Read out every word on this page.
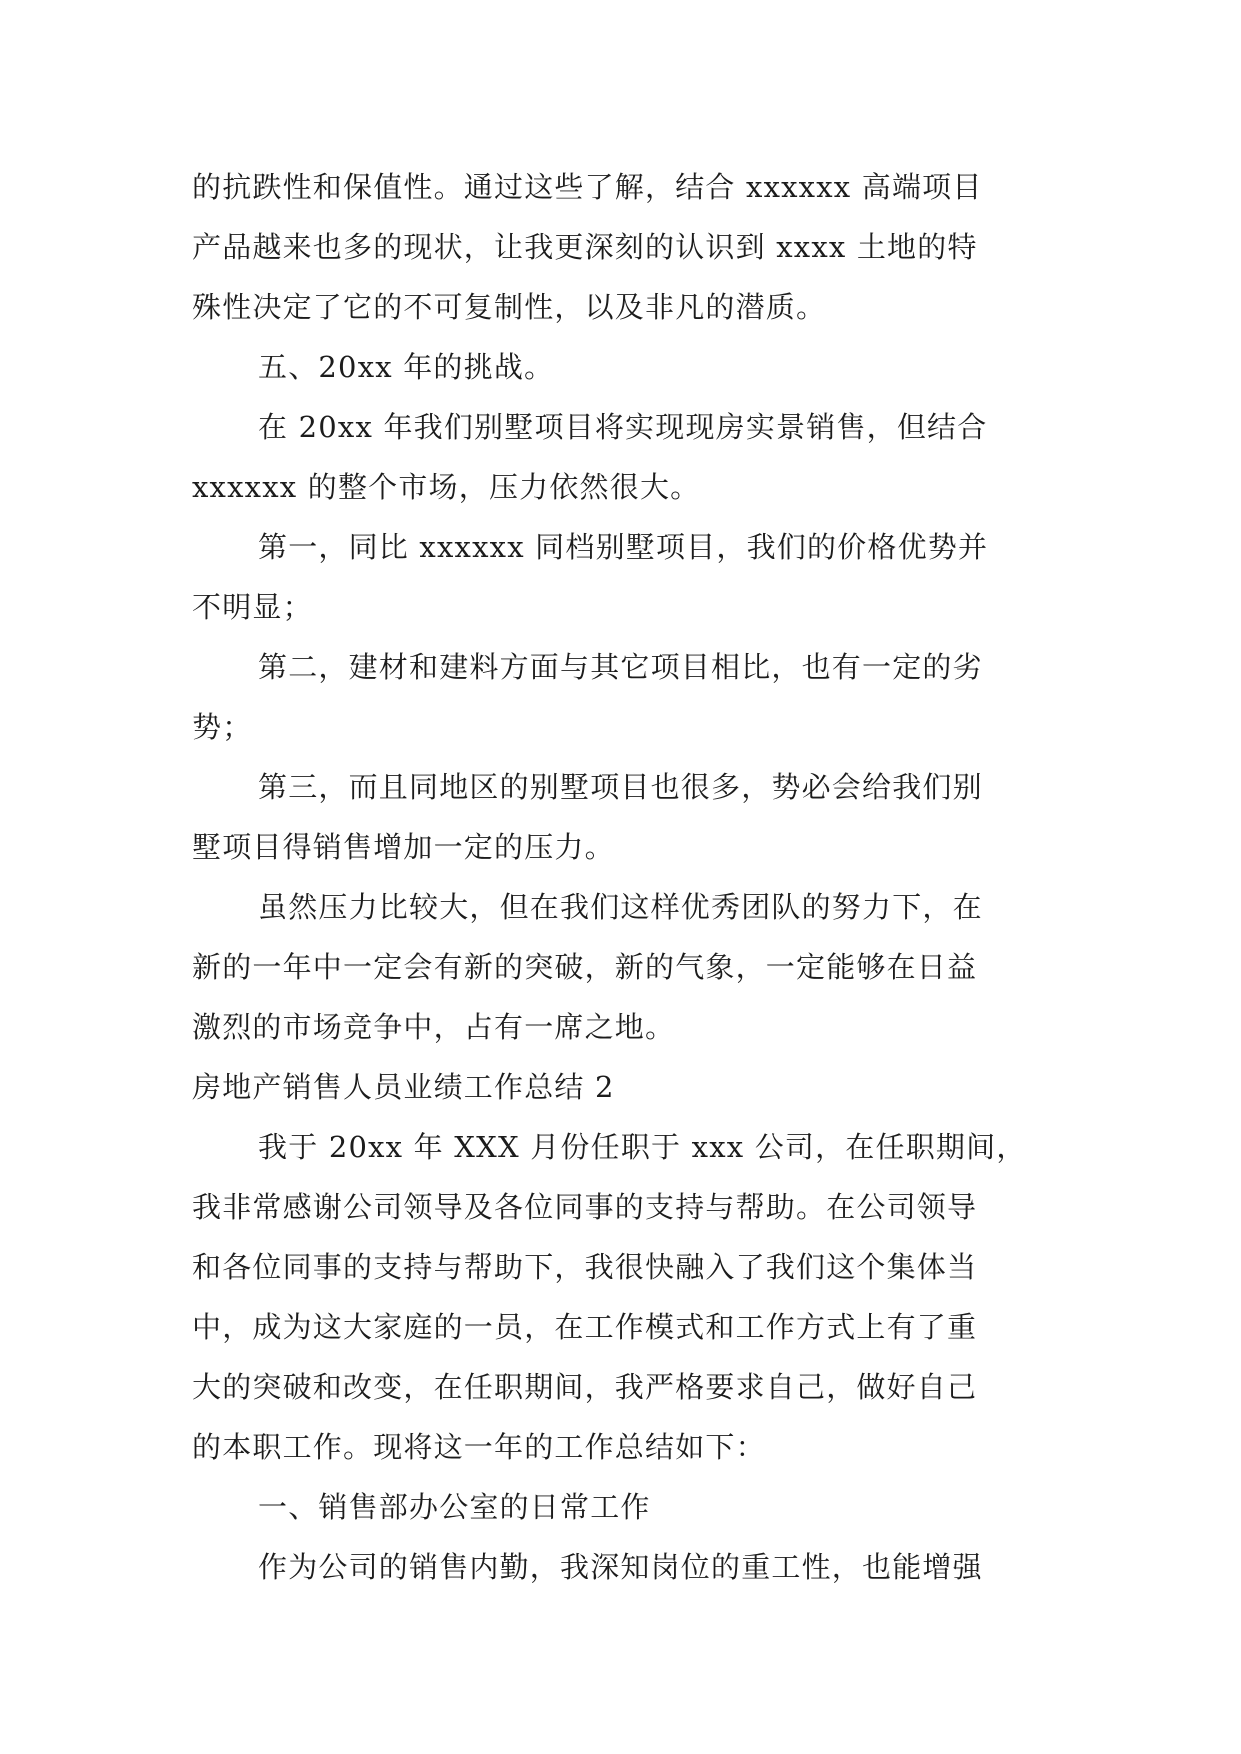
的抗跌性和保值性。通过这些了解，结合 xxxxxx 高端项目
产品越来也多的现状，让我更深刻的认识到 xxxx 土地的特
殊性决定了它的不可复制性，以及非凡的潜质。
五、20xx 年的挑战。
在 20xx 年我们别墅项目将实现现房实景销售，但结合
xxxxxx 的整个市场，压力依然很大。
第一，同比 xxxxxx 同档别墅项目，我们的价格优势并
不明显；
第二，建材和建料方面与其它项目相比，也有一定的劣
势；
第三，而且同地区的别墅项目也很多，势必会给我们别
墅项目得销售增加一定的压力。
虽然压力比较大，但在我们这样优秀团队的努力下，在
新的一年中一定会有新的突破，新的气象，一定能够在日益
激烈的市场竞争中，占有一席之地。
房地产销售人员业绩工作总结 2
我于 20xx 年 XXX 月份任职于 xxx 公司，在任职期间，
我非常感谢公司领导及各位同事的支持与帮助。在公司领导
和各位同事的支持与帮助下，我很快融入了我们这个集体当
中，成为这大家庭的一员，在工作模式和工作方式上有了重
大的突破和改变，在任职期间，我严格要求自己，做好自己
的本职工作。现将这一年的工作总结如下：
一、销售部办公室的日常工作
作为公司的销售内勤，我深知岗位的重工性，也能增强
